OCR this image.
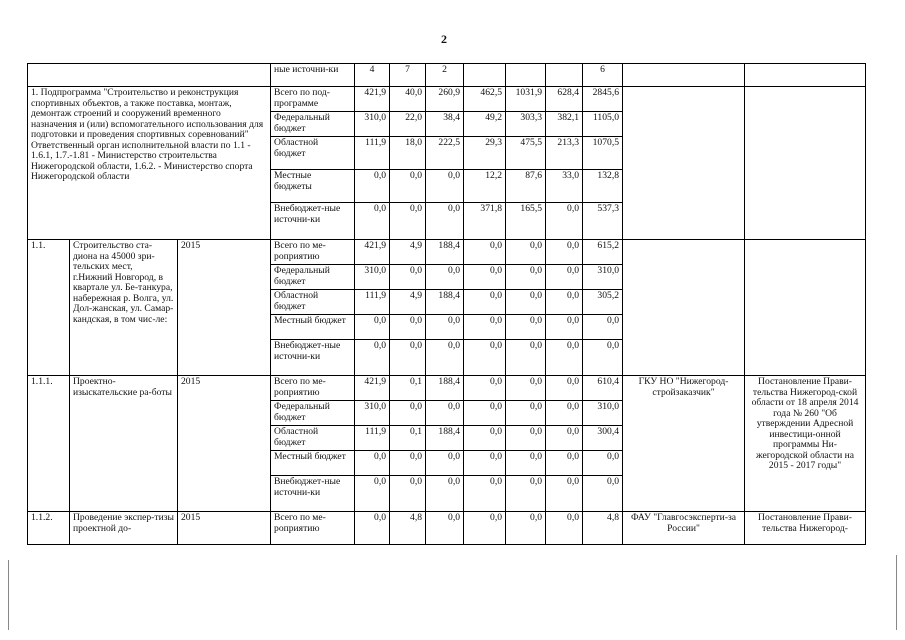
2
			ные источни-ки	4	7	2				6		
1. Подпрограмма "Строительство и реконструкция спортивных объектов, а также поставка, монтаж, демонтаж строений и сооружений временного назначения и (или) вспомогательного использования для подготовки и проведения спортивных соревнований" Ответственный орган исполнительной власти по 1.1 - 1.6.1, 1.7.-1.81 - Министерство строительства Нижегородской области, 1.6.2. - Министерство спорта Нижегородской области			Всего по под-программе	421,9	40,0	260,9	462,5	1031,9	628,4	2845,6		
			Федеральный бюджет	310,0	22,0	38,4	49,2	303,3	382,1	1105,0		
			Областной бюджет	111,9	18,0	222,5	29,3	475,5	213,3	1070,5		
			Местные бюджеты	0,0	0,0	0,0	12,2	87,6	33,0	132,8		
			Внебюджет-ные источни-ки	0,0	0,0	0,0	371,8	165,5	0,0	537,3		
1.1.	Строительство ста-диона на 45000 зри-тельских мест, г.Нижний Новгород, в квартале ул. Бе-танкура, набережная р. Волга, ул. Дол-жанская, ул. Самар-кандская, в том чис-ле:	2015	Всего по ме-роприятию	421,9	4,9	188,4	0,0	0,0	0,0	615,2		
			Федеральный бюджет	310,0	0,0	0,0	0,0	0,0	0,0	310,0		
			Областной бюджет	111,9	4,9	188,4	0,0	0,0	0,0	305,2		
			Местный бюджет	0,0	0,0	0,0	0,0	0,0	0,0	0,0		
			Внебюджет-ные источни-ки	0,0	0,0	0,0	0,0	0,0	0,0	0,0		
1.1.1.	Проектно-изыскательские ра-боты	2015	Всего по ме-роприятию	421,9	0,1	188,4	0,0	0,0	0,0	610,4	ГКУ НО "Нижегород-стройзаказчик"	Постановление Прави-тельства Нижегород-ской области от 18 апреля 2014 года № 260 "Об утверждении Адресной инвестици-онной программы Ни-жегородской области на 2015 - 2017 годы"
			Федеральный бюджет	310,0	0,0	0,0	0,0	0,0	0,0	310,0		
			Областной бюджет	111,9	0,1	188,4	0,0	0,0	0,0	300,4		
			Местный бюджет	0,0	0,0	0,0	0,0	0,0	0,0	0,0		
			Внебюджет-ные источни-ки	0,0	0,0	0,0	0,0	0,0	0,0	0,0		
1.1.2.	Проведение экспер-тизы проектной до-	2015	Всего по ме-роприятию	0,0	4,8	0,0	0,0	0,0	0,0	4,8	ФАУ "Главгосэксперти-за России"	Постановление Прави-тельства Нижегород-
